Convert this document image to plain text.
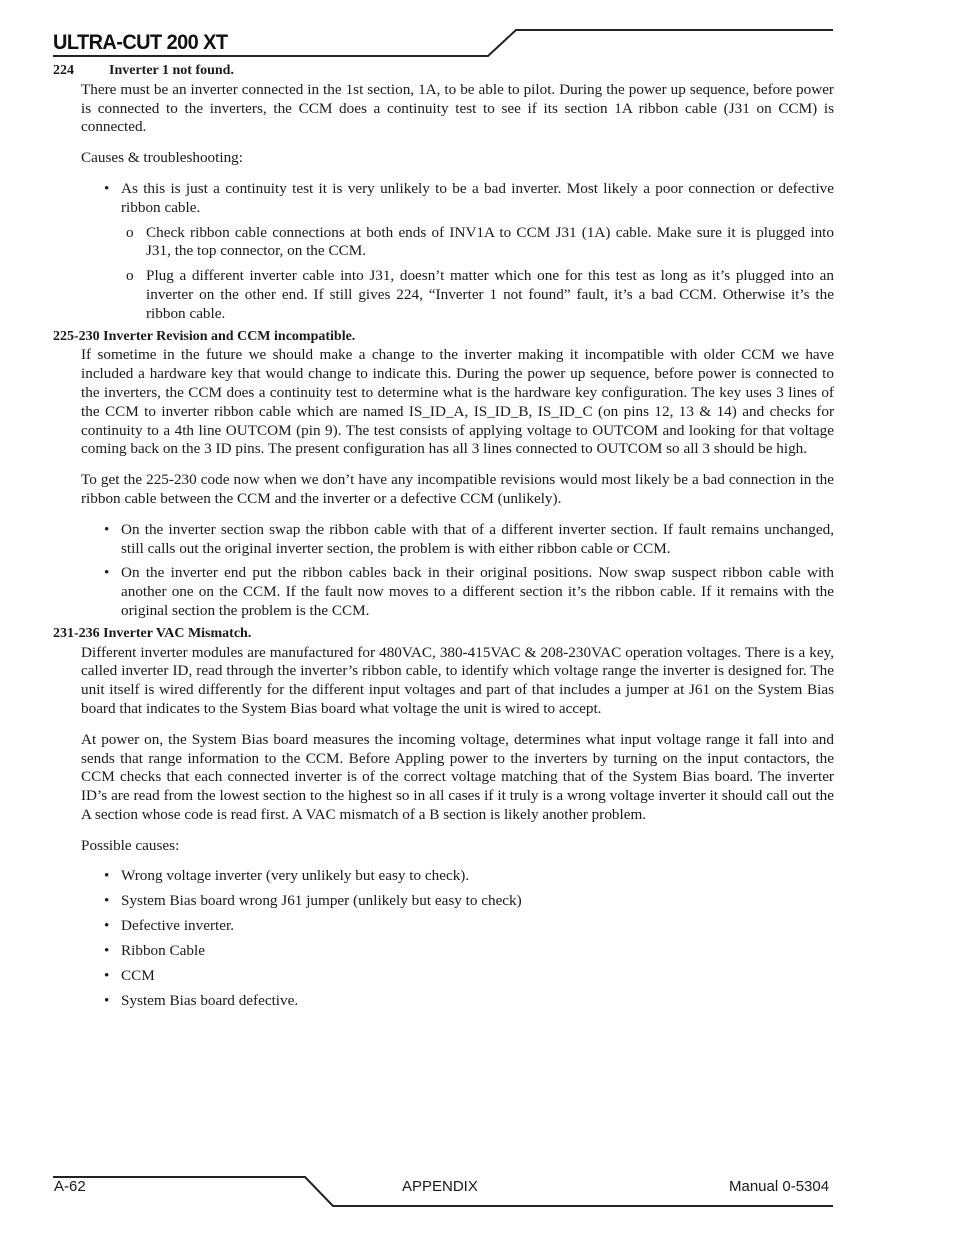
ULTRA-CUT 200 XT

224	Inverter 1 not found.

There must be an inverter connected in the 1st section, 1A, to be able to pilot. During the power up sequence, before power is connected to the inverters, the CCM does a continuity test to see if its section 1A ribbon cable (J31 on CCM) is connected.

Causes & troubleshooting:

• As this is just a continuity test it is very unlikely to be a bad inverter. Most likely a poor connection or defective ribbon cable.
o Check ribbon cable connections at both ends of INV1A to CCM J31 (1A) cable. Make sure it is plugged into J31, the top connector, on the CCM.
o Plug a different inverter cable into J31, doesn’t matter which one for this test as long as it’s plugged into an inverter on the other end. If still gives 224, “Inverter 1 not found” fault, it’s a bad CCM. Otherwise it’s the ribbon cable.

225-230 Inverter Revision and CCM incompatible.

If sometime in the future we should make a change to the inverter making it incompatible with older CCM we have included a hardware key that would change to indicate this. During the power up sequence, before power is connected to the inverters, the CCM does a continuity test to determine what is the hardware key configuration. The key uses 3 lines of the CCM to inverter ribbon cable which are named IS_ID_A, IS_ID_B, IS_ID_C (on pins 12, 13 & 14) and checks for continuity to a 4th line OUTCOM (pin 9). The test consists of applying voltage to OUTCOM and looking for that voltage coming back on the 3 ID pins. The present configuration has all 3 lines connected to OUTCOM so all 3 should be high.

To get the 225-230 code now when we don’t have any incompatible revisions would most likely be a bad connection in the ribbon cable between the CCM and the inverter or a defective CCM (unlikely).

• On the inverter section swap the ribbon cable with that of a different inverter section. If fault remains unchanged, still calls out the original inverter section, the problem is with either ribbon cable or CCM.
• On the inverter end put the ribbon cables back in their original positions. Now swap suspect ribbon cable with another one on the CCM. If the fault now moves to a different section it’s the ribbon cable. If it remains with the original section the problem is the CCM.

231-236 Inverter VAC Mismatch.

Different inverter modules are manufactured for 480VAC, 380-415VAC & 208-230VAC operation voltages. There is a key, called inverter ID, read through the inverter’s ribbon cable, to identify which voltage range the inverter is designed for. The unit itself is wired differently for the different input voltages and part of that includes a jumper at J61 on the System Bias board that indicates to the System Bias board what voltage the unit is wired to accept.

At power on, the System Bias board measures the incoming voltage, determines what input voltage range it fall into and sends that range information to the CCM. Before Appling power to the inverters by turning on the input contactors, the CCM checks that each connected inverter is of the correct voltage matching that of the System Bias board. The inverter ID’s are read from the lowest section to the highest so in all cases if it truly is a wrong voltage inverter it should call out the A section whose code is read first. A VAC mismatch of a B section is likely another problem.

Possible causes:

• Wrong voltage inverter (very unlikely but easy to check).
• System Bias board wrong J61 jumper (unlikely but easy to check)
• Defective inverter.
• Ribbon Cable
• CCM
• System Bias board defective.
A-62	APPENDIX	Manual 0-5304
